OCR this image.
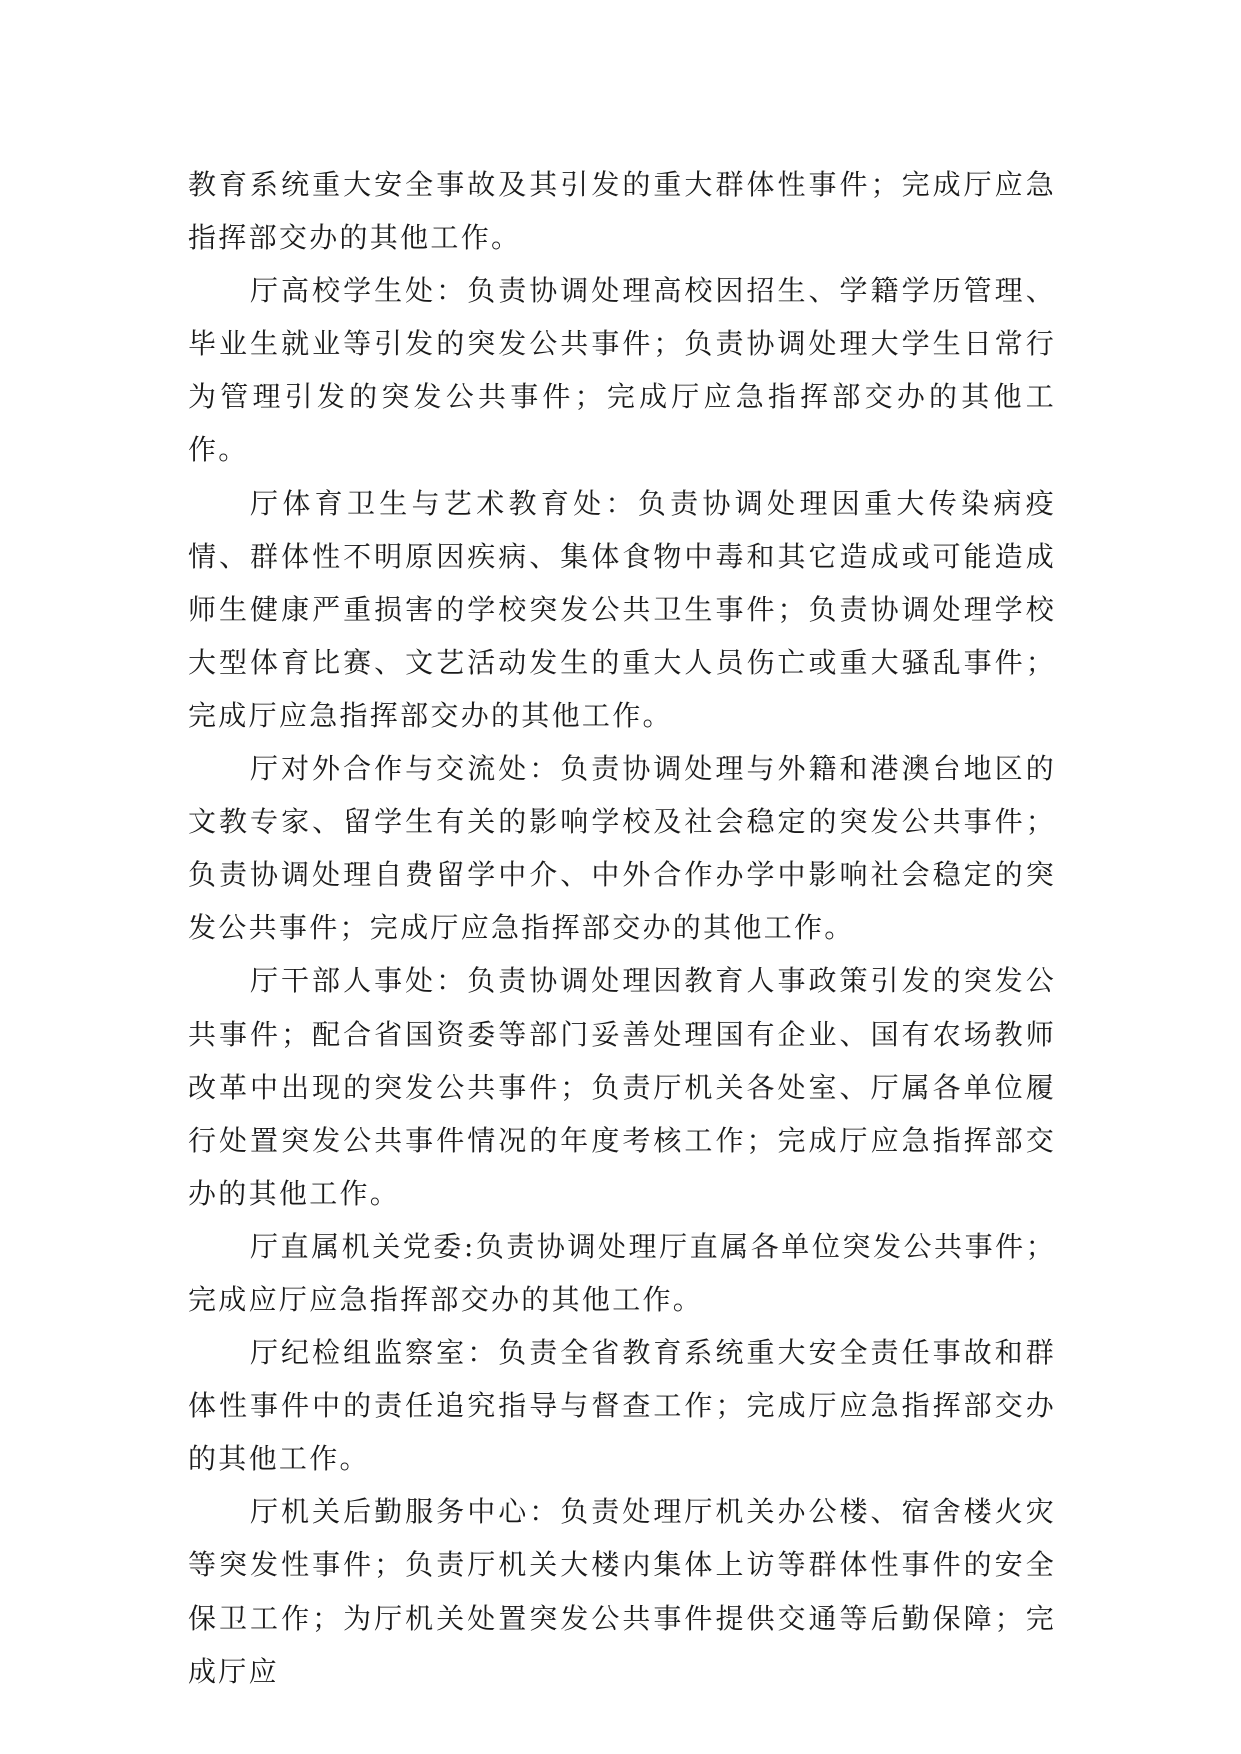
教育系统重大安全事故及其引发的重大群体性事件；完成厅应急指挥部交办的其他工作。

厅高校学生处：负责协调处理高校因招生、学籍学历管理、毕业生就业等引发的突发公共事件；负责协调处理大学生日常行为管理引发的突发公共事件；完成厅应急指挥部交办的其他工作。

厅体育卫生与艺术教育处：负责协调处理因重大传染病疫情、群体性不明原因疾病、集体食物中毒和其它造成或可能造成师生健康严重损害的学校突发公共卫生事件；负责协调处理学校大型体育比赛、文艺活动发生的重大人员伤亡或重大骚乱事件；完成厅应急指挥部交办的其他工作。

厅对外合作与交流处：负责协调处理与外籍和港澳台地区的文教专家、留学生有关的影响学校及社会稳定的突发公共事件；负责协调处理自费留学中介、中外合作办学中影响社会稳定的突发公共事件；完成厅应急指挥部交办的其他工作。

厅干部人事处：负责协调处理因教育人事政策引发的突发公共事件；配合省国资委等部门妥善处理国有企业、国有农场教师改革中出现的突发公共事件；负责厅机关各处室、厅属各单位履行处置突发公共事件情况的年度考核工作；完成厅应急指挥部交办的其他工作。

厅直属机关党委:负责协调处理厅直属各单位突发公共事件；完成应厅应急指挥部交办的其他工作。

厅纪检组监察室：负责全省教育系统重大安全责任事故和群体性事件中的责任追究指导与督查工作；完成厅应急指挥部交办的其他工作。

厅机关后勤服务中心：负责处理厅机关办公楼、宿舍楼火灾等突发性事件；负责厅机关大楼内集体上访等群体性事件的安全保卫工作；为厅机关处置突发公共事件提供交通等后勤保障；完成厅应
